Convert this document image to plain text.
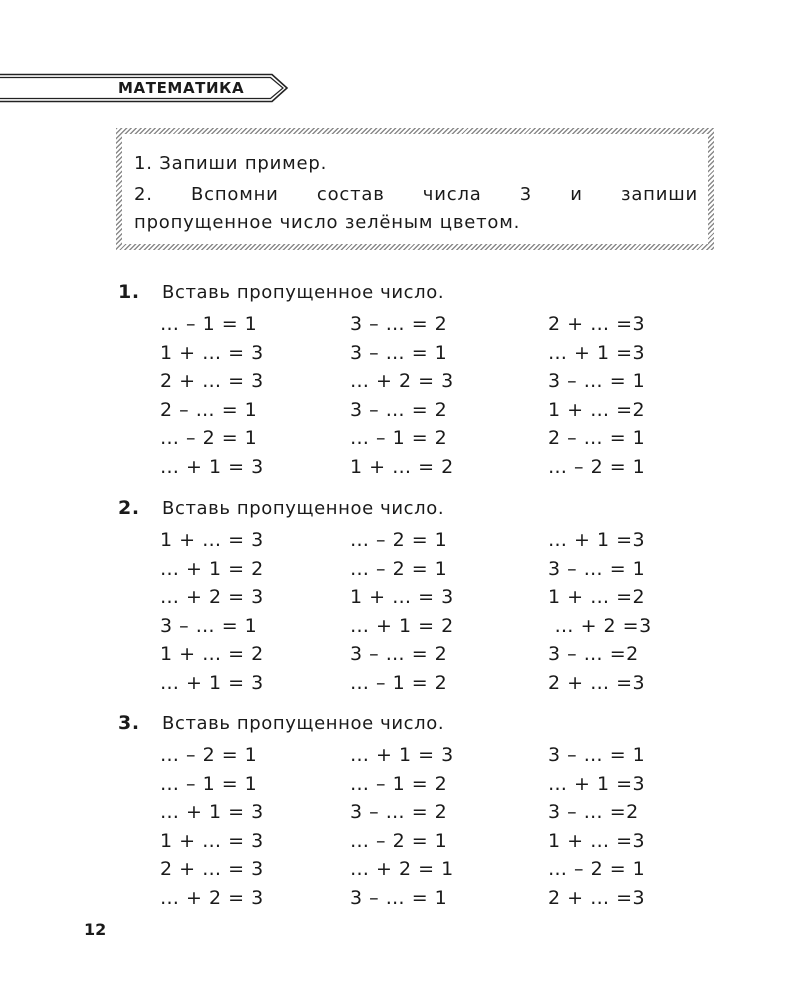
МАТЕМАТИКА
1. Запиши пример.
2. Вспомни состав числа 3 и запиши
пропущенное число зелёным цветом.
1. Вставь пропущенное число.
… – 1 = 1	3 – … = 2	2 + … =3
1 + … = 3	3 – … = 1	… + 1 =3
2 + … = 3	… + 2 = 3	3 – … = 1
2 – … = 1	3 – … = 2	1 + … =2
… – 2 = 1	… – 1 = 2	2 – … = 1
… + 1 = 3	1 + … = 2	… – 2 = 1
2. Вставь пропущенное число.
1 + … = 3	… – 2 = 1	… + 1 =3
… + 1 = 2	… – 2 = 1	3 – … = 1
… + 2 = 3	1 + … = 3	1 + … =2
3 – … = 1	… + 1 = 2	… + 2 =3
1 + … = 2	3 – … = 2	3 – … =2
… + 1 = 3	… – 1 = 2	2 + … =3
3. Вставь пропущенное число.
… – 2 = 1	… + 1 = 3	3 – … = 1
… – 1 = 1	… – 1 = 2	… + 1 =3
… + 1 = 3	3 – … = 2	3 – … =2
1 + … = 3	… – 2 = 1	1 + … =3
2 + … = 3	… + 2 = 1	… – 2 = 1
… + 2 = 3	3 – … = 1	2 + … =3
12
